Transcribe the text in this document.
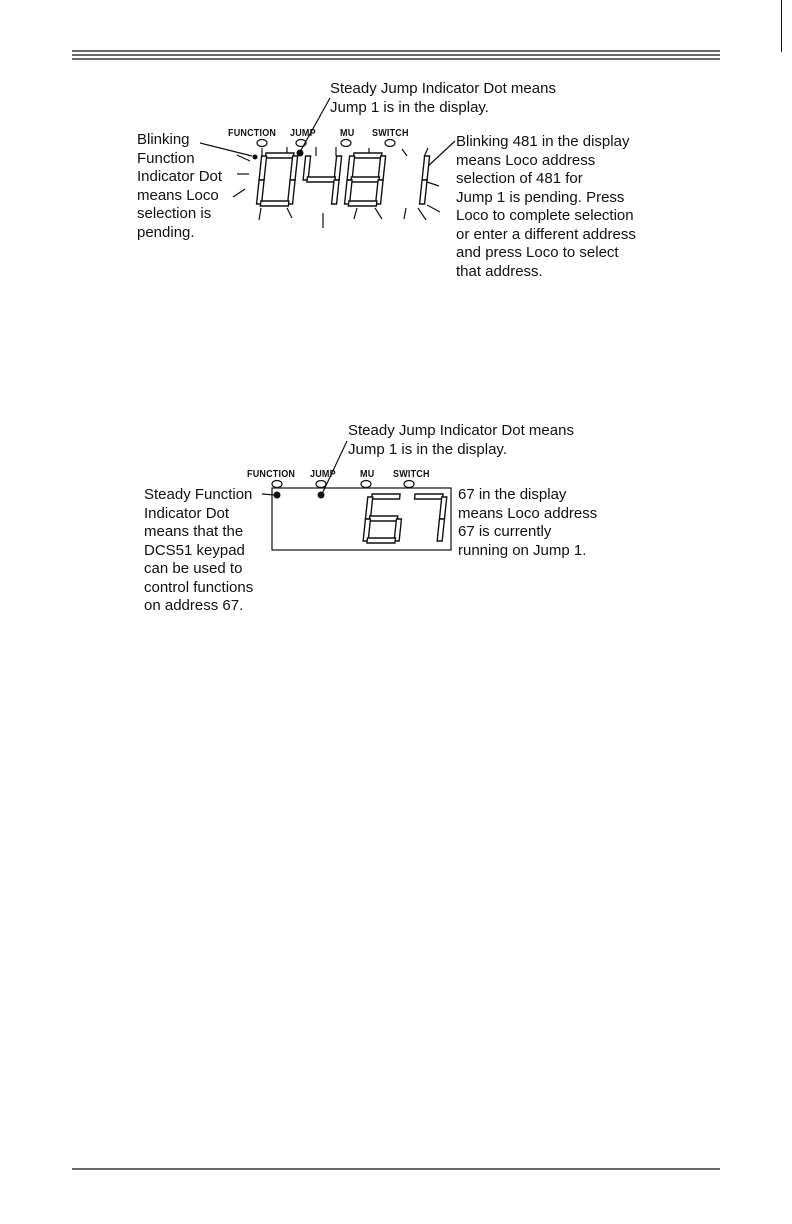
Steady Jump Indicator Dot means
Jump 1 is in the display.
Blinking
Function
Indicator Dot
means Loco
selection is
pending.
Blinking 481 in the display
means Loco address
selection of 481 for
Jump 1 is pending. Press
Loco to complete selection
or enter a different address
and press Loco to select
that address.
FUNCTION JUMP	MU SWITCH
Steady Jump Indicator Dot means
Jump 1 is in the display.
Steady Function
Indicator Dot
means that the
DCS51 keypad
can be used to
control functions
on address 67.
67 in the display
means Loco address
67 is currently
running on Jump 1.
FUNCTION JUMP	MU SWITCH
